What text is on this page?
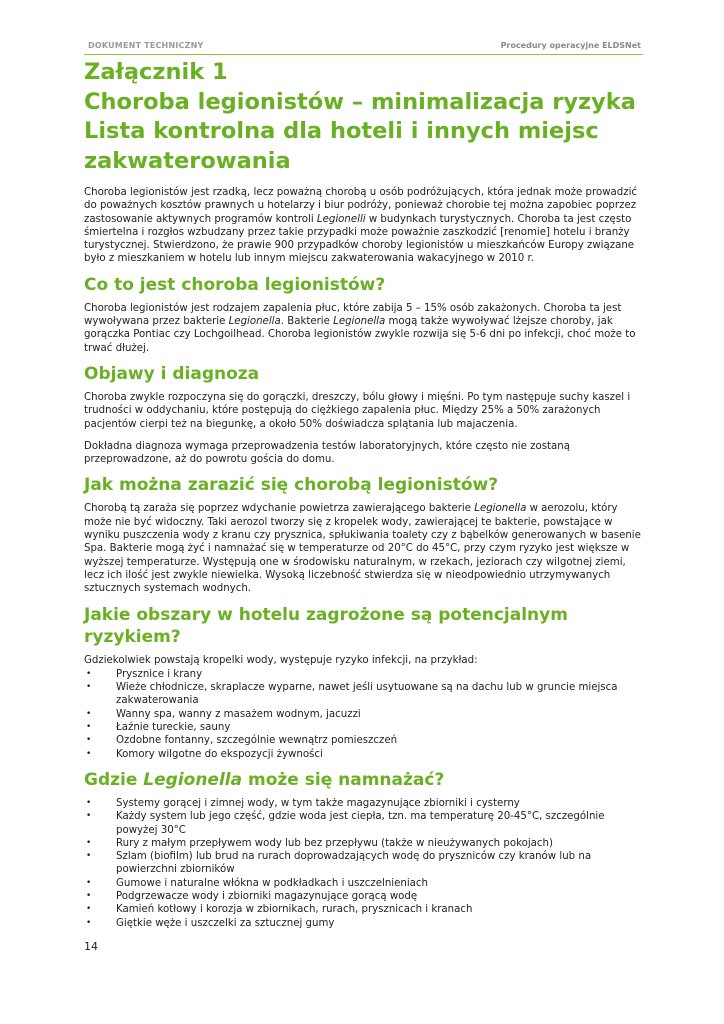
DOKUMENT TECHNICZNY	Procedury operacyjne ELDSNet
Załącznik 1
Choroba legionistów – minimalizacja ryzyka
Lista kontrolna dla hoteli i innych miejsc
zakwaterowania

Choroba legionistów jest rzadką, lecz poważną chorobą u osób podróżujących, która jednak może prowadzić do poważnych kosztów prawnych u hotelarzy i biur podróży, ponieważ chorobie tej można zapobiec poprzez zastosowanie aktywnych programów kontroli Legionelli w budynkach turystycznych. Choroba ta jest często śmiertelna i rozgłos wzbudzany przez takie przypadki może poważnie zaszkodzić [renomie] hotelu i branży turystycznej. Stwierdzono, że prawie 900 przypadków choroby legionistów u mieszkańców Europy związane było z mieszkaniem w hotelu lub innym miejscu zakwaterowania wakacyjnego w 2010 r.

Co to jest choroba legionistów?

Choroba legionistów jest rodzajem zapalenia płuc, które zabija 5 – 15% osób zakażonych. Choroba ta jest wywoływana przez bakterie Legionella. Bakterie Legionella mogą także wywoływać lżejsze choroby, jak gorączka Pontiac czy Lochgoilhead. Choroba legionistów zwykle rozwija się 5-6 dni po infekcji, choć może to trwać dłużej.

Objawy i diagnoza

Choroba zwykle rozpoczyna się do gorączki, dreszczy, bólu głowy i mięśni. Po tym następuje suchy kaszel i trudności w oddychaniu, które postępują do ciężkiego zapalenia płuc. Między 25% a 50% zarażonych pacjentów cierpi też na biegunkę, a około 50% doświadcza splątania lub majaczenia.

Dokładna diagnoza wymaga przeprowadzenia testów laboratoryjnych, które często nie zostaną przeprowadzone, aż do powrotu gościa do domu.

Jak można zarazić się chorobą legionistów?

Chorobą tą zaraża się poprzez wdychanie powietrza zawierającego bakterie Legionella w aerozolu, który może nie być widoczny. Taki aerozol tworzy się z kropelek wody, zawierającej te bakterie, powstające w wyniku puszczenia wody z kranu czy prysznica, spłukiwania toalety czy z bąbelków generowanych w basenie Spa. Bakterie mogą żyć i namnażać się w temperaturze od 20°C do 45°C, przy czym ryzyko jest większe w wyższej temperaturze. Występują one w środowisku naturalnym, w rzekach, jeziorach czy wilgotnej ziemi, lecz ich ilość jest zwykle niewielka. Wysoką liczebność stwierdza się w nieodpowiednio utrzymywanych sztucznych systemach wodnych.

Jakie obszary w hotelu zagrożone są potencjalnym ryzykiem?

Gdziekolwiek powstają kropelki wody, występuje ryzyko infekcji, na przykład:

• Prysznice i krany
• Wieże chłodnicze, skraplacze wyparne, nawet jeśli usytuowane są na dachu lub w gruncie miejsca zakwaterowania
• Wanny spa, wanny z masażem wodnym, jacuzzi
• Łaźnie tureckie, sauny
• Ozdobne fontanny, szczególnie wewnątrz pomieszczeń
• Komory wilgotne do ekspozycji żywności
Gdzie Legionella może się namnażać?
• Systemy gorącej i zimnej wody, w tym także magazynujące zbiorniki i cysterny
• Każdy system lub jego część, gdzie woda jest ciepła, tzn. ma temperaturę 20-45°C, szczególnie powyżej 30°C
• Rury z małym przepływem wody lub bez przepływu (także w nieużywanych pokojach)
• Szlam (biofilm) lub brud na rurach doprowadzających wodę do pryszniców czy kranów lub na powierzchni zbiorników
• Gumowe i naturalne włókna w podkładkach i uszczelnieniach
• Podgrzewacze wody i zbiorniki magazynujące gorącą wodę
• Kamień kotłowy i korozja w zbiornikach, rurach, prysznicach i kranach
• Giętkie węże i uszczelki za sztucznej gumy
14
